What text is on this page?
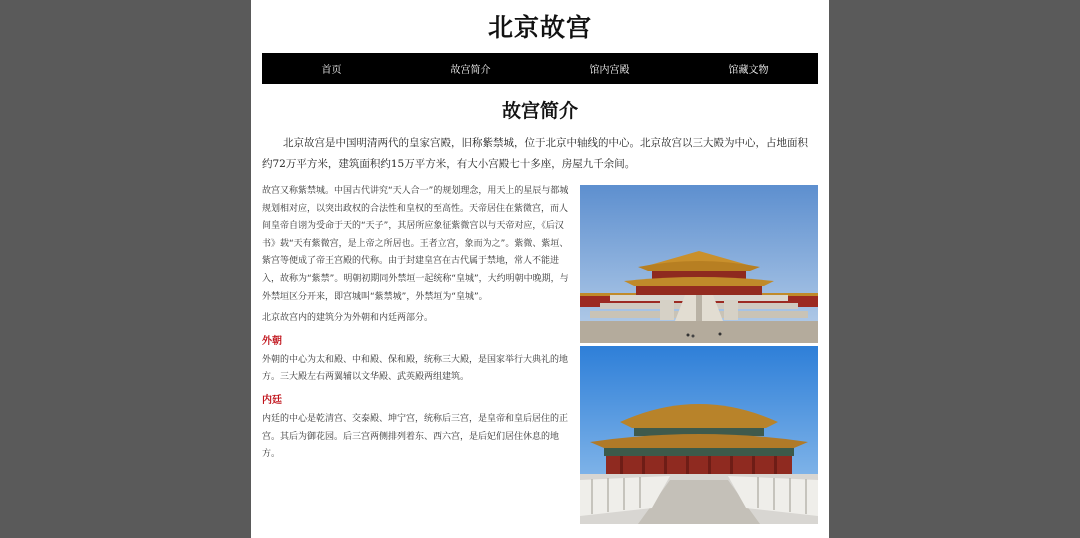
北京故宫
首页	故宫简介	馆内宫殿	馆藏文物
故宫简介

北京故宫是中国明清两代的皇家宫殿，旧称紫禁城，位于北京中轴线的中心。北京故宫以三大殿为中心，占地面积约72万平方米，建筑面积约15万平方米，有大小宫殿七十多座，房屋九千余间。

故宫又称紫禁城。中国古代讲究“天人合一”的规划理念，用天上的星辰与都城规划相对应，以突出政权的合法性和皇权的至高性。天帝居住在紫微宫，而人间皇帝自诩为受命于天的“天子”，其居所应象征紫微宫以与天帝对应，《后汉书》载“天有紫微宫，是上帝之所居也。王者立宫，象而为之”。紫微、紫垣、紫宫等便成了帝王宫殿的代称。由于封建皇宫在古代属于禁地，常人不能进入，故称为“紫禁”。明朝初期同外禁垣一起统称“皇城”，大约明朝中晚期，与外禁垣区分开来，即宫城叫“紫禁城”，外禁垣为“皇城”。

北京故宫内的建筑分为外朝和内廷两部分。

外朝

外朝的中心为太和殿、中和殿、保和殿，统称三大殿，是国家举行大典礼的地方。三大殿左右两翼辅以文华殿、武英殿两组建筑。

内廷

内廷的中心是乾清宫、交泰殿、坤宁宫，统称后三宫，是皇帝和皇后居住的正宫。其后为御花园。后三宫两侧排列着东、西六宫，是后妃们居住休息的地方。
